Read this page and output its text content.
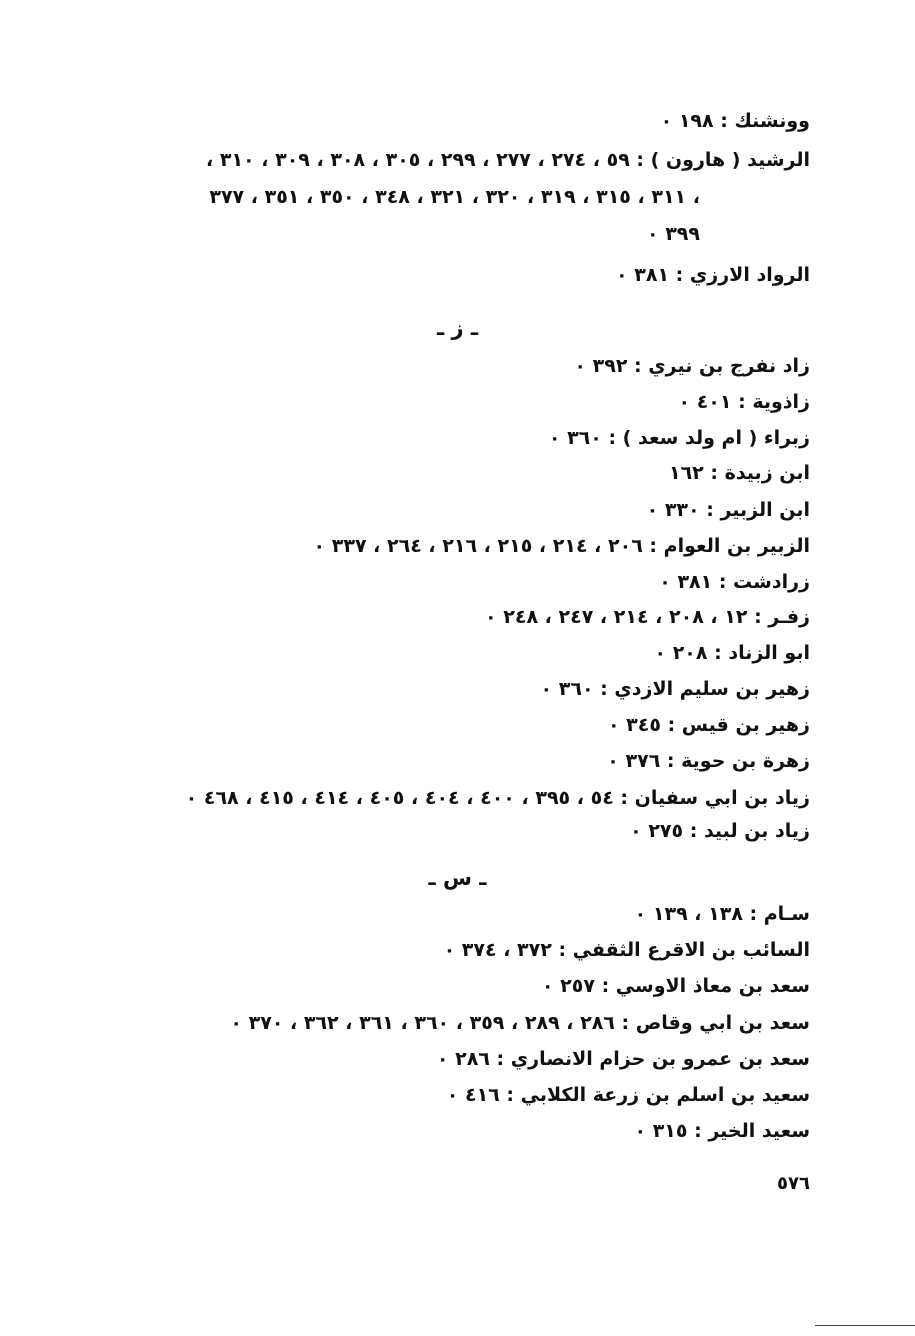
وونشنك : ١٩٨ ٠
الرشيد ( هارون ) : ٥٩ ، ٢٧٤ ، ٢٧٧ ، ٢٩٩ ، ٣٠٥ ، ٣٠٨ ، ٣٠٩ ، ٣١٠ ،
٣١١ ، ٣١٥ ، ٣١٩ ، ٣٢٠ ، ٣٢١ ، ٣٤٨ ، ٣٥٠ ، ٣٥١ ، ٣٧٧ ،
٣٩٩ ٠
الرواد الارزي : ٣٨١ ٠
ـ ز ـ
زاد نفرج بن نيري : ٣٩٢ ٠
زاذوية : ٤٠١ ٠
زبراء ( ام ولد سعد ) : ٣٦٠ ٠
ابن زبيدة : ١٦٢
ابن الزبير : ٣٣٠ ٠
الزبير بن العوام : ٢٠٦ ، ٢١٤ ، ٢١٥ ، ٢١٦ ، ٢٦٤ ، ٣٣٧ ٠
زرادشت : ٣٨١ ٠
زفـر : ١٢ ، ٢٠٨ ، ٢١٤ ، ٢٤٧ ، ٢٤٨ ٠
ابو الزناد : ٢٠٨ ٠
زهير بن سليم الازدي : ٣٦٠ ٠
زهير بن قيس : ٣٤٥ ٠
زهرة بن حوية : ٣٧٦ ٠
زياد بن ابي سفيان : ٥٤ ، ٣٩٥ ، ٤٠٠ ، ٤٠٤ ، ٤٠٥ ، ٤١٤ ، ٤١٥ ، ٤٦٨ ٠
زياد بن لبيد : ٢٧٥ ٠
ـ س ـ
سـام : ١٣٨ ، ١٣٩ ٠
السائب بن الاقرع الثقفي : ٣٧٢ ، ٣٧٤ ٠
سعد بن معاذ الاوسي : ٢٥٧ ٠
سعد بن ابي وقاص : ٢٨٦ ، ٢٨٩ ، ٣٥٩ ، ٣٦٠ ، ٣٦١ ، ٣٦٢ ، ٣٧٠ ٠
سعد بن عمرو بن حزام الانصاري : ٢٨٦ ٠
سعيد بن اسلم بن زرعة الكلابي : ٤١٦ ٠
سعيد الخير : ٣١٥ ٠
٥٧٦
